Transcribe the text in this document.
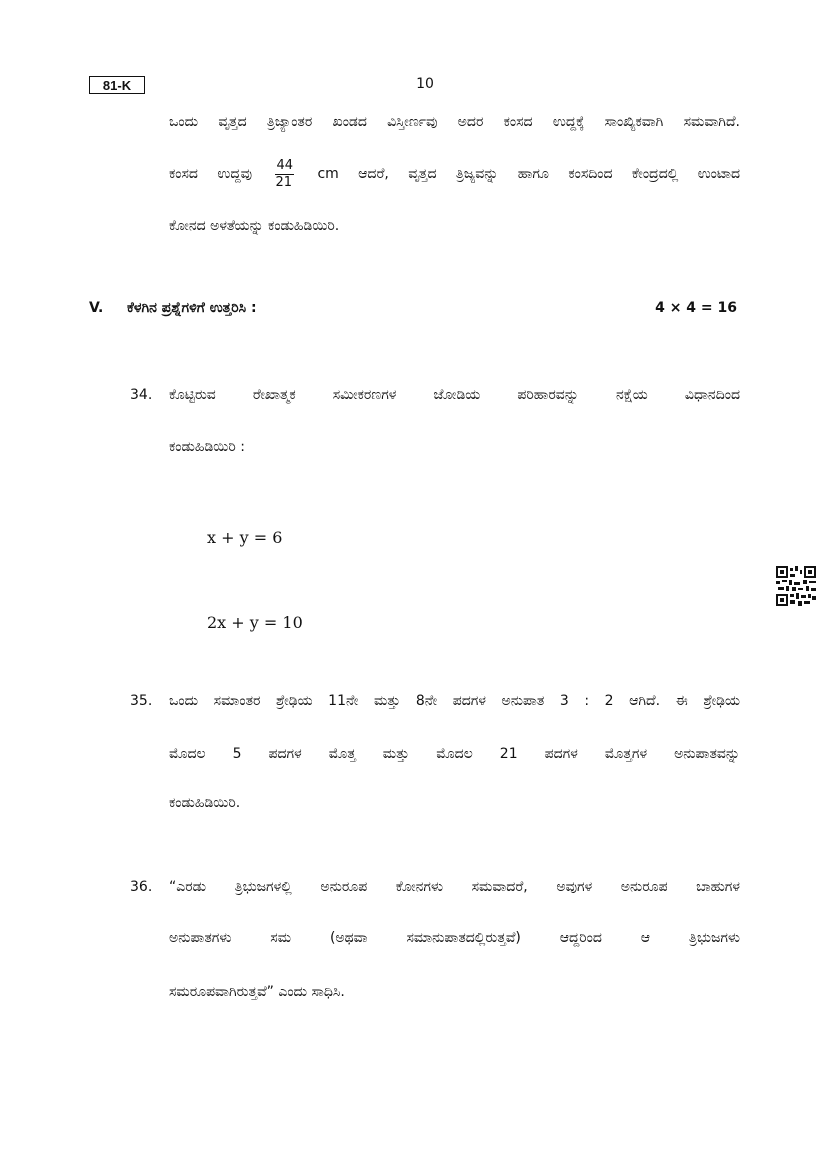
81-K	10
ಒಂದು ವೃತ್ತದ ತ್ರಿಜ್ಯಾಂತರ ಖಂಡದ ವಿಸ್ತೀರ್ಣವು ಅದರ ಕಂಸದ ಉದ್ದಕ್ಕೆ ಸಾಂಖ್ಯಿಕವಾಗಿ ಸಮವಾಗಿದೆ.
ಕಂಸದ ಉದ್ದವು $\frac{44}{21}$ cm ಆದರೆ, ವೃತ್ತದ ತ್ರಿಜ್ಯವನ್ನು ಹಾಗೂ ಕಂಸದಿಂದ ಕೇಂದ್ರದಲ್ಲಿ ಉಂಟಾದ
ಕೋನದ ಅಳತೆಯನ್ನು ಕಂಡುಹಿಡಿಯಿರಿ.
V. ಕೆಳಗಿನ ಪ್ರಶ್ನೆಗಳಿಗೆ ಉತ್ತರಿಸಿ :	4 × 4 = 16
34.	ಕೊಟ್ಟಿರುವ ರೇಖಾತ್ಮಕ ಸಮೀಕರಣಗಳ ಜೋಡಿಯ ಪರಿಹಾರವನ್ನು ನಕ್ಷೆಯ ವಿಧಾನದಿಂದ
ಕಂಡುಹಿಡಿಯಿರಿ :
x + y = 6
2x + y = 10
35.	ಒಂದು ಸಮಾಂತರ ಶ್ರೇಢಿಯ 11ನೇ ಮತ್ತು 8ನೇ ಪದಗಳ ಅನುಪಾತ 3 : 2 ಆಗಿದೆ. ಈ ಶ್ರೇಢಿಯ
ಮೊದಲ 5 ಪದಗಳ ಮೊತ್ತ ಮತ್ತು ಮೊದಲ 21 ಪದಗಳ ಮೊತ್ತಗಳ ಅನುಪಾತವನ್ನು
ಕಂಡುಹಿಡಿಯಿರಿ.
36.	“ಎರಡು ತ್ರಿಭುಜಗಳಲ್ಲಿ ಅನುರೂಪ ಕೋನಗಳು ಸಮವಾದರೆ, ಅವುಗಳ ಅನುರೂಪ ಬಾಹುಗಳ
ಅನುಪಾತಗಳು ಸಮ (ಅಥವಾ ಸಮಾನುಪಾತದಲ್ಲಿರುತ್ತವೆ) ಆದ್ದರಿಂದ ಆ ತ್ರಿಭುಜಗಳು
ಸಮರೂಪವಾಗಿರುತ್ತವೆ” ಎಂದು ಸಾಧಿಸಿ.
